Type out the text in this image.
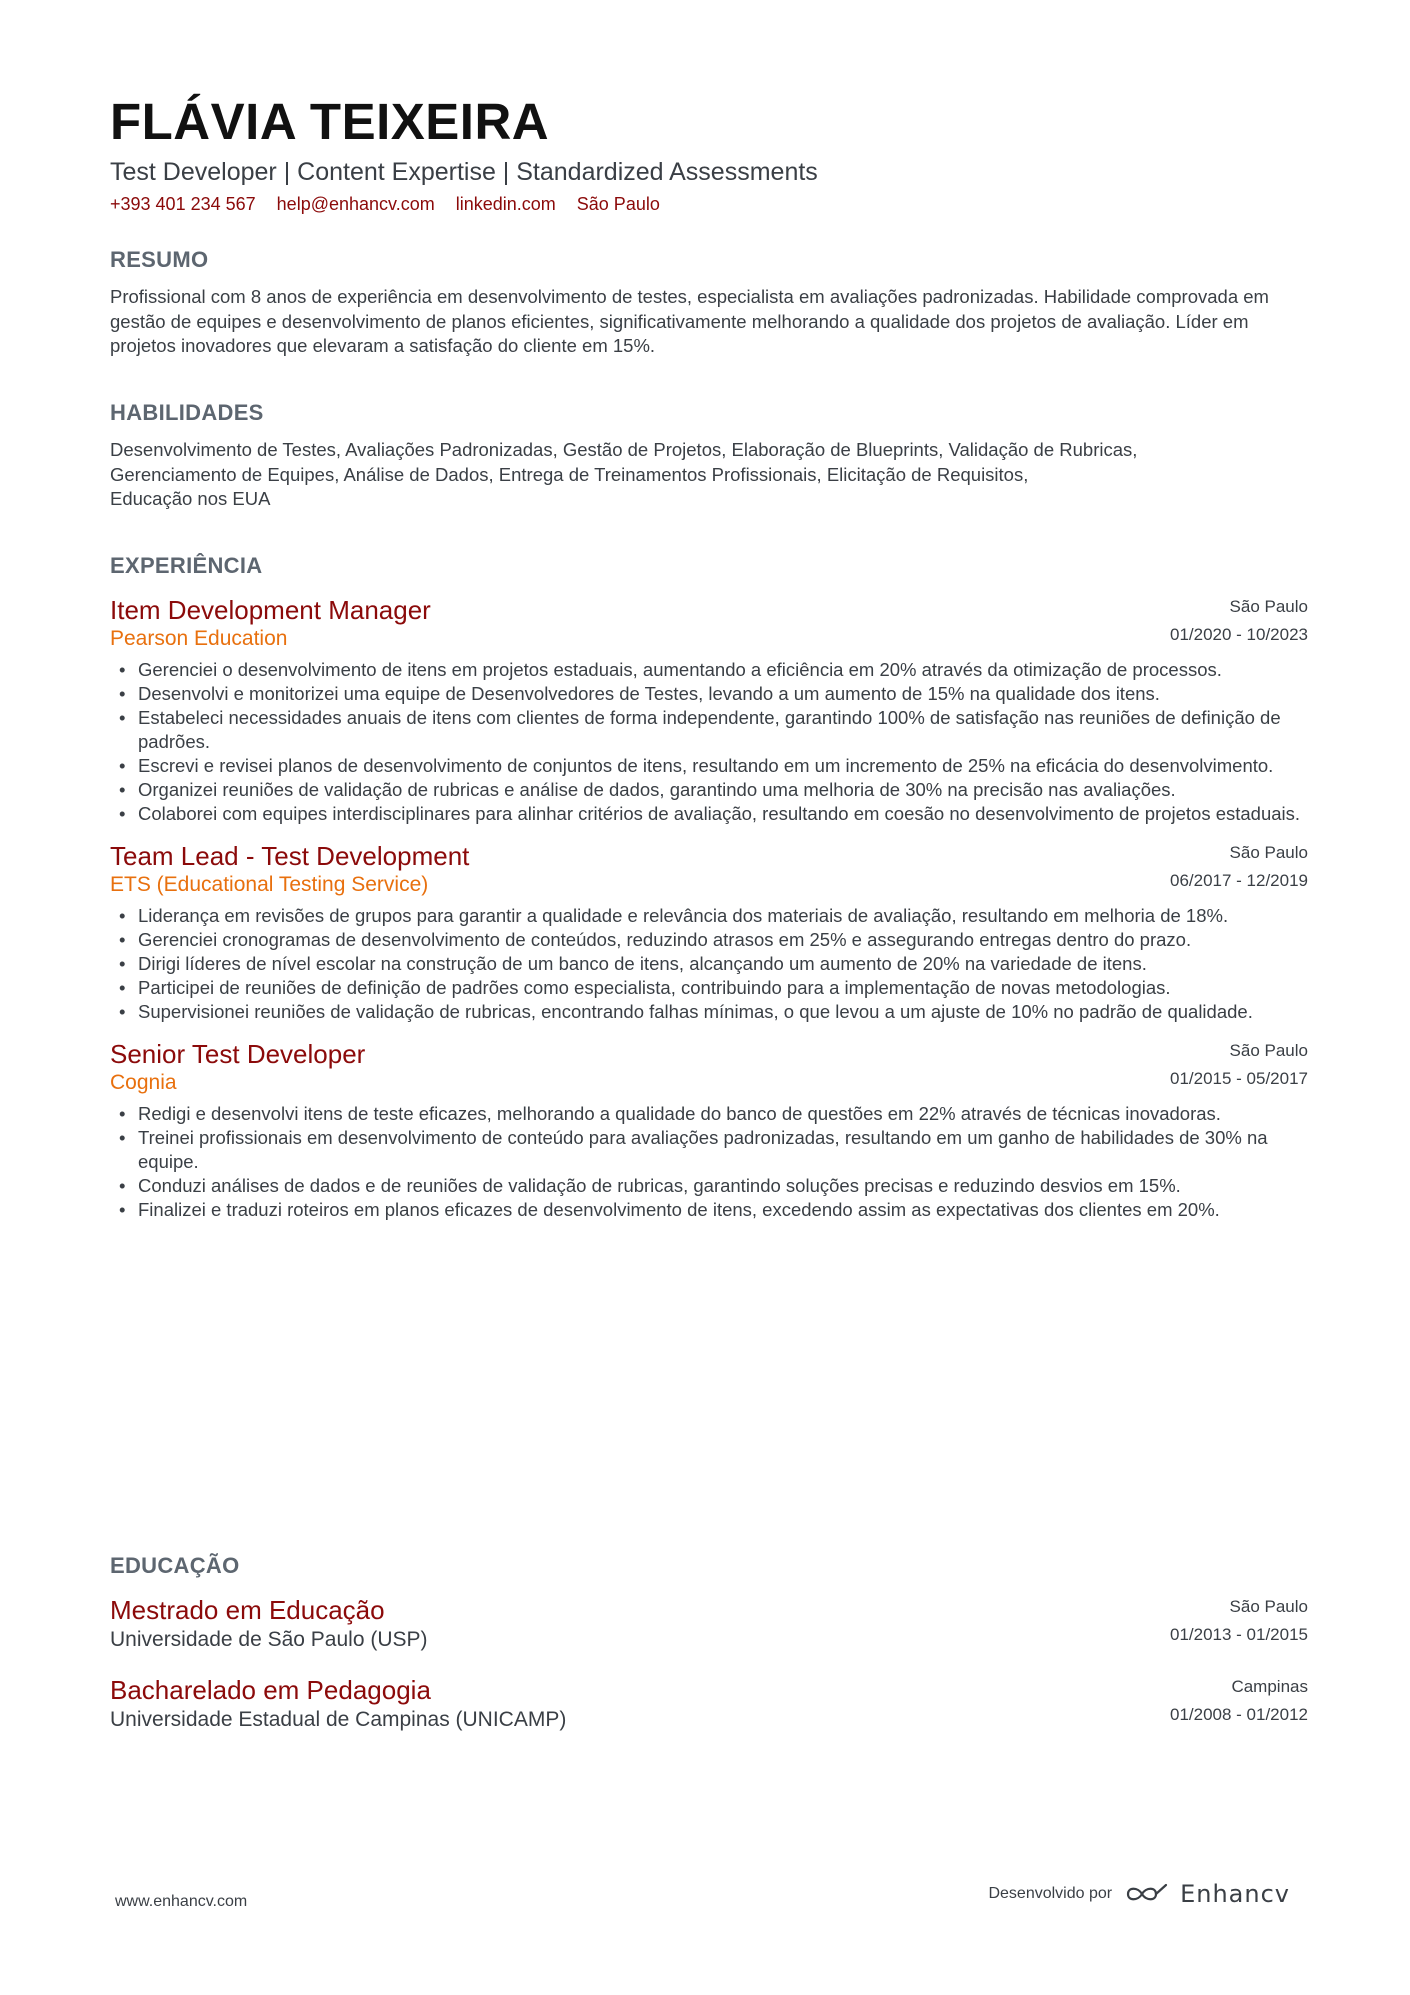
FLÁVIA TEIXEIRA
Test Developer | Content Expertise | Standardized Assessments
+393 401 234 567 help@enhancv.com linkedin.com São Paulo
RESUMO

Profissional com 8 anos de experiência em desenvolvimento de testes, especialista em avaliações padronizadas. Habilidade comprovada em gestão de equipes e desenvolvimento de planos eficientes, significativamente melhorando a qualidade dos projetos de avaliação. Líder em projetos inovadores que elevaram a satisfação do cliente em 15%.

HABILIDADES
Desenvolvimento de Testes, Avaliações Padronizadas, Gestão de Projetos, Elaboração de Blueprints, Validação de Rubricas,
Gerenciamento de Equipes, Análise de Dados, Entrega de Treinamentos Profissionais, Elicitação de Requisitos,
Educação nos EUA
EXPERIÊNCIA
Item Development Manager
Pearson Education
São Paulo
01/2020 - 10/2023
• Gerenciei o desenvolvimento de itens em projetos estaduais, aumentando a eficiência em 20% através da otimização de processos.
• Desenvolvi e monitorizei uma equipe de Desenvolvedores de Testes, levando a um aumento de 15% na qualidade dos itens.
• Estabeleci necessidades anuais de itens com clientes de forma independente, garantindo 100% de satisfação nas reuniões de definição de padrões.
• Escrevi e revisei planos de desenvolvimento de conjuntos de itens, resultando em um incremento de 25% na eficácia do desenvolvimento.
• Organizei reuniões de validação de rubricas e análise de dados, garantindo uma melhoria de 30% na precisão nas avaliações.
• Colaborei com equipes interdisciplinares para alinhar critérios de avaliação, resultando em coesão no desenvolvimento de projetos estaduais.
Team Lead - Test Development
ETS (Educational Testing Service)
São Paulo
06/2017 - 12/2019
• Liderança em revisões de grupos para garantir a qualidade e relevância dos materiais de avaliação, resultando em melhoria de 18%.
• Gerenciei cronogramas de desenvolvimento de conteúdos, reduzindo atrasos em 25% e assegurando entregas dentro do prazo.
• Dirigi líderes de nível escolar na construção de um banco de itens, alcançando um aumento de 20% na variedade de itens.
• Participei de reuniões de definição de padrões como especialista, contribuindo para a implementação de novas metodologias.
• Supervisionei reuniões de validação de rubricas, encontrando falhas mínimas, o que levou a um ajuste de 10% no padrão de qualidade.
Senior Test Developer
Cognia
São Paulo
01/2015 - 05/2017
• Redigi e desenvolvi itens de teste eficazes, melhorando a qualidade do banco de questões em 22% através de técnicas inovadoras.
• Treinei profissionais em desenvolvimento de conteúdo para avaliações padronizadas, resultando em um ganho de habilidades de 30% na equipe.
• Conduzi análises de dados e de reuniões de validação de rubricas, garantindo soluções precisas e reduzindo desvios em 15%.
• Finalizei e traduzi roteiros em planos eficazes de desenvolvimento de itens, excedendo assim as expectativas dos clientes em 20%.
EDUCAÇÃO
Mestrado em Educação
Universidade de São Paulo (USP)
São Paulo
01/2013 - 01/2015
Bacharelado em Pedagogia
Universidade Estadual de Campinas (UNICAMP)
Campinas
01/2008 - 01/2012
www.enhancv.com	Desenvolvido por	Enhancv
